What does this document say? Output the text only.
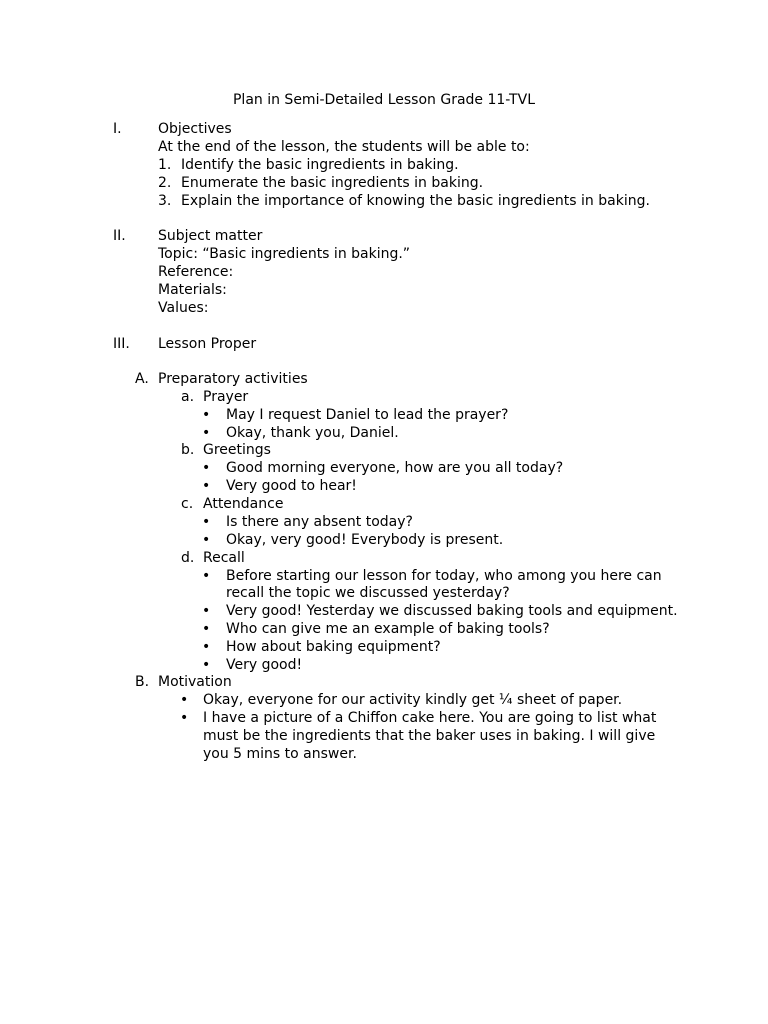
Plan in Semi-Detailed Lesson Grade 11-TVL
I.	Objectives
At the end of the lesson, the students will be able to:
1. Identify the basic ingredients in baking.
2. Enumerate the basic ingredients in baking.
3. Explain the importance of knowing the basic ingredients in baking.
II. Subject matter
Topic: “Basic ingredients in baking.”
Reference:
Materials:
Values:
III. Lesson Proper
A. Preparatory activities
a. Prayer
• May I request Daniel to lead the prayer?
• Okay, thank you, Daniel.
b. Greetings
• Good morning everyone, how are you all today?
• Very good to hear!
c. Attendance
• Is there any absent today?
• Okay, very good! Everybody is present.
d. Recall
• Before starting our lesson for today, who among you here can
recall the topic we discussed yesterday?
• Very good! Yesterday we discussed baking tools and equipment.
• Who can give me an example of baking tools?
• How about baking equipment?
• Very good!
B. Motivation
• Okay, everyone for our activity kindly get ¼ sheet of paper.
• I have a picture of a Chiffon cake here. You are going to list what
must be the ingredients that the baker uses in baking. I will give
you 5 mins to answer.
